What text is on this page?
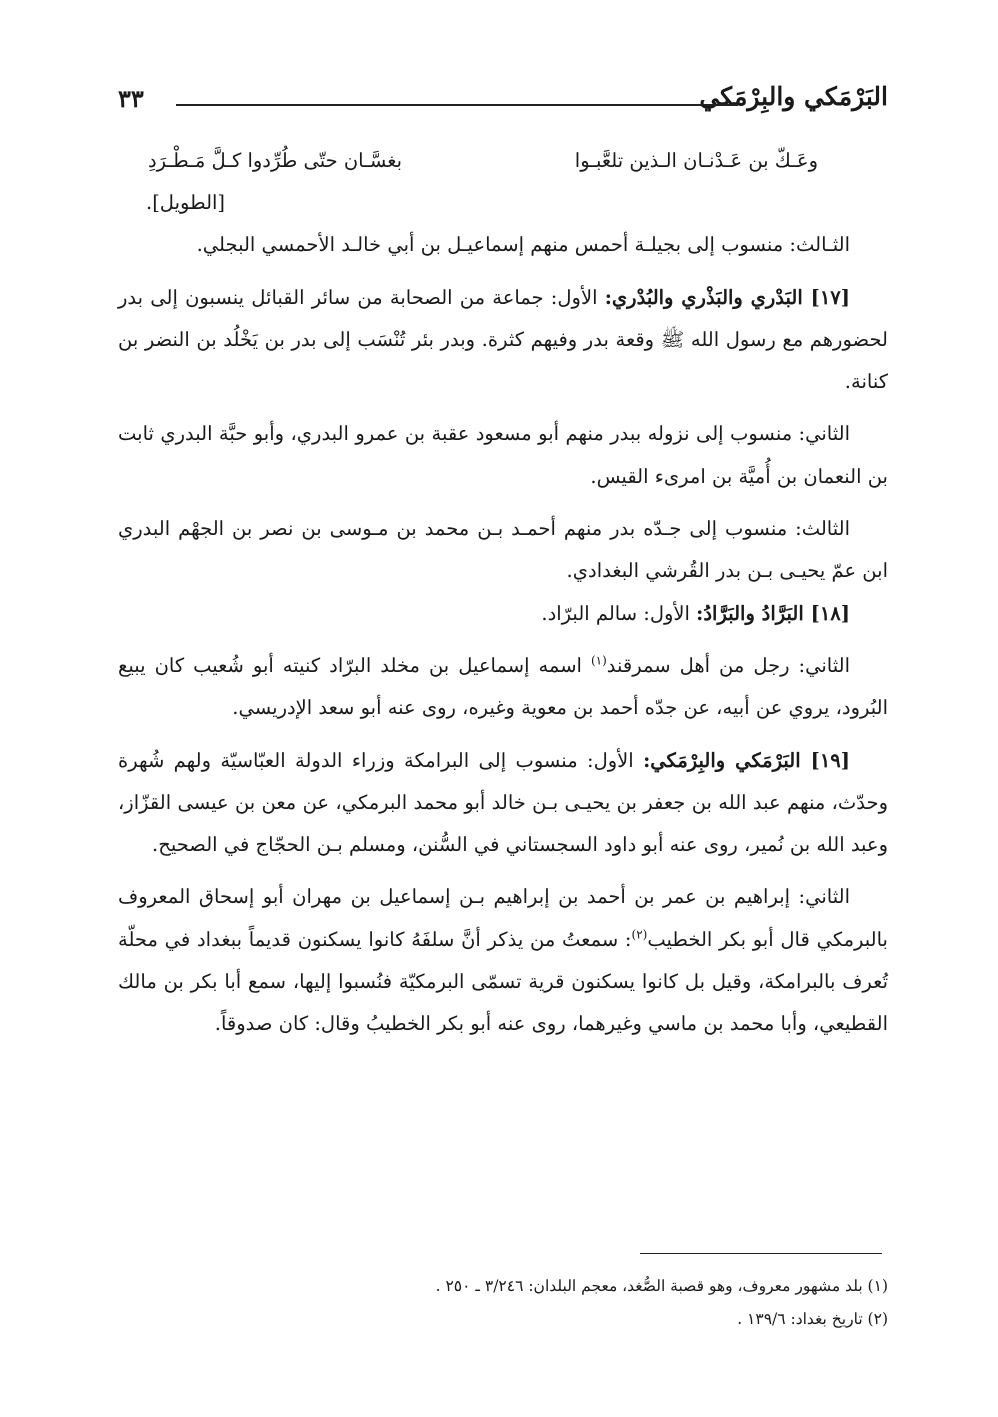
البَرْمَكي والبِرْمَكي
٣٣
وعَـكّ بن عَـدْنـان الـذين تلعَّبـوا
بغسَّـان حتّى طُرِّدوا كـلَّ مَـطْـرَدِ

[الطويل].

الثـالث: منسوب إلى بجيلـة أحمس منهم إسماعيـل بن أبي خالـد الأحمسي البجلي.

[١٧] البَدْري والبَذْري والبُدْري: الأول: جماعة من الصحابة من سائر القبائل ينسبون إلى بدر لحضورهم مع رسول الله ﷺ وقعة بدر وفيهم كثرة. وبدر بئر تُنْسَب إلى بدر بن يَخْلُد بن النضر بن كنانة.

الثاني: منسوب إلى نزوله ببدر منهم أبو مسعود عقبة بن عمرو البدري، وأبو حبَّة البدري ثابت بن النعمان بن أُميَّة بن امرىء القيس.

الثالث: منسوب إلى جـدّه بدر منهم أحمـد بـن محمد بن مـوسى بن نصر بن الجهْم البدري ابن عمّ يحيـى بـن بدر القُرشي البغدادي.

[١٨] البَرَّادُ والبَرَّادُ: الأول: سالم البرّاد.

الثاني: رجل من أهل سمرقند$^{(١)}$ اسمه إسماعيل بن مخلد البرّاد كنيته أبو شُعيب كان يبيع البُرود، يروي عن أبيه، عن جدّه أحمد بن معوية وغيره، روى عنه أبو سعد الإدريسي.

[١٩] البَرْمَكي والبِرْمَكي: الأول: منسوب إلى البرامكة وزراء الدولة العبّاسيّة ولهم شُهرة وحدّث، منهم عبد الله بن جعفر بن يحيـى بـن خالد أبو محمد البرمكي، عن معن بن عيسى القزّاز، وعبد الله بن نُمير، روى عنه أبو داود السجستاني في السُّنن، ومسلم بـن الحجّاج في الصحيح.

الثاني: إبراهيم بن عمر بن أحمد بن إبراهيم بـن إسماعيل بن مهران أبو إسحاق المعروف بالبرمكي قال أبو بكر الخطيب$^{(٢)}$: سمعتُ من يذكر أنَّ سلفَهُ كانوا يسكنون قديماً ببغداد في محلّة تُعرف بالبرامكة، وقيل بل كانوا يسكنون قرية تسمّى البرمكيّة فنُسبوا إليها، سمع أبا بكر بن مالك القطيعي، وأبا محمد بن ماسي وغيرهما، روى عنه أبو بكر الخطيبُ وقال: كان صدوقاً.

(١) بلد مشهور معروف، وهو قصبة الصُّغد، معجم البلدان: ٣/٢٤٦ ـ ٢٥٠ .

(٢) تاريخ بغداد: ١٣٩/٦ .
